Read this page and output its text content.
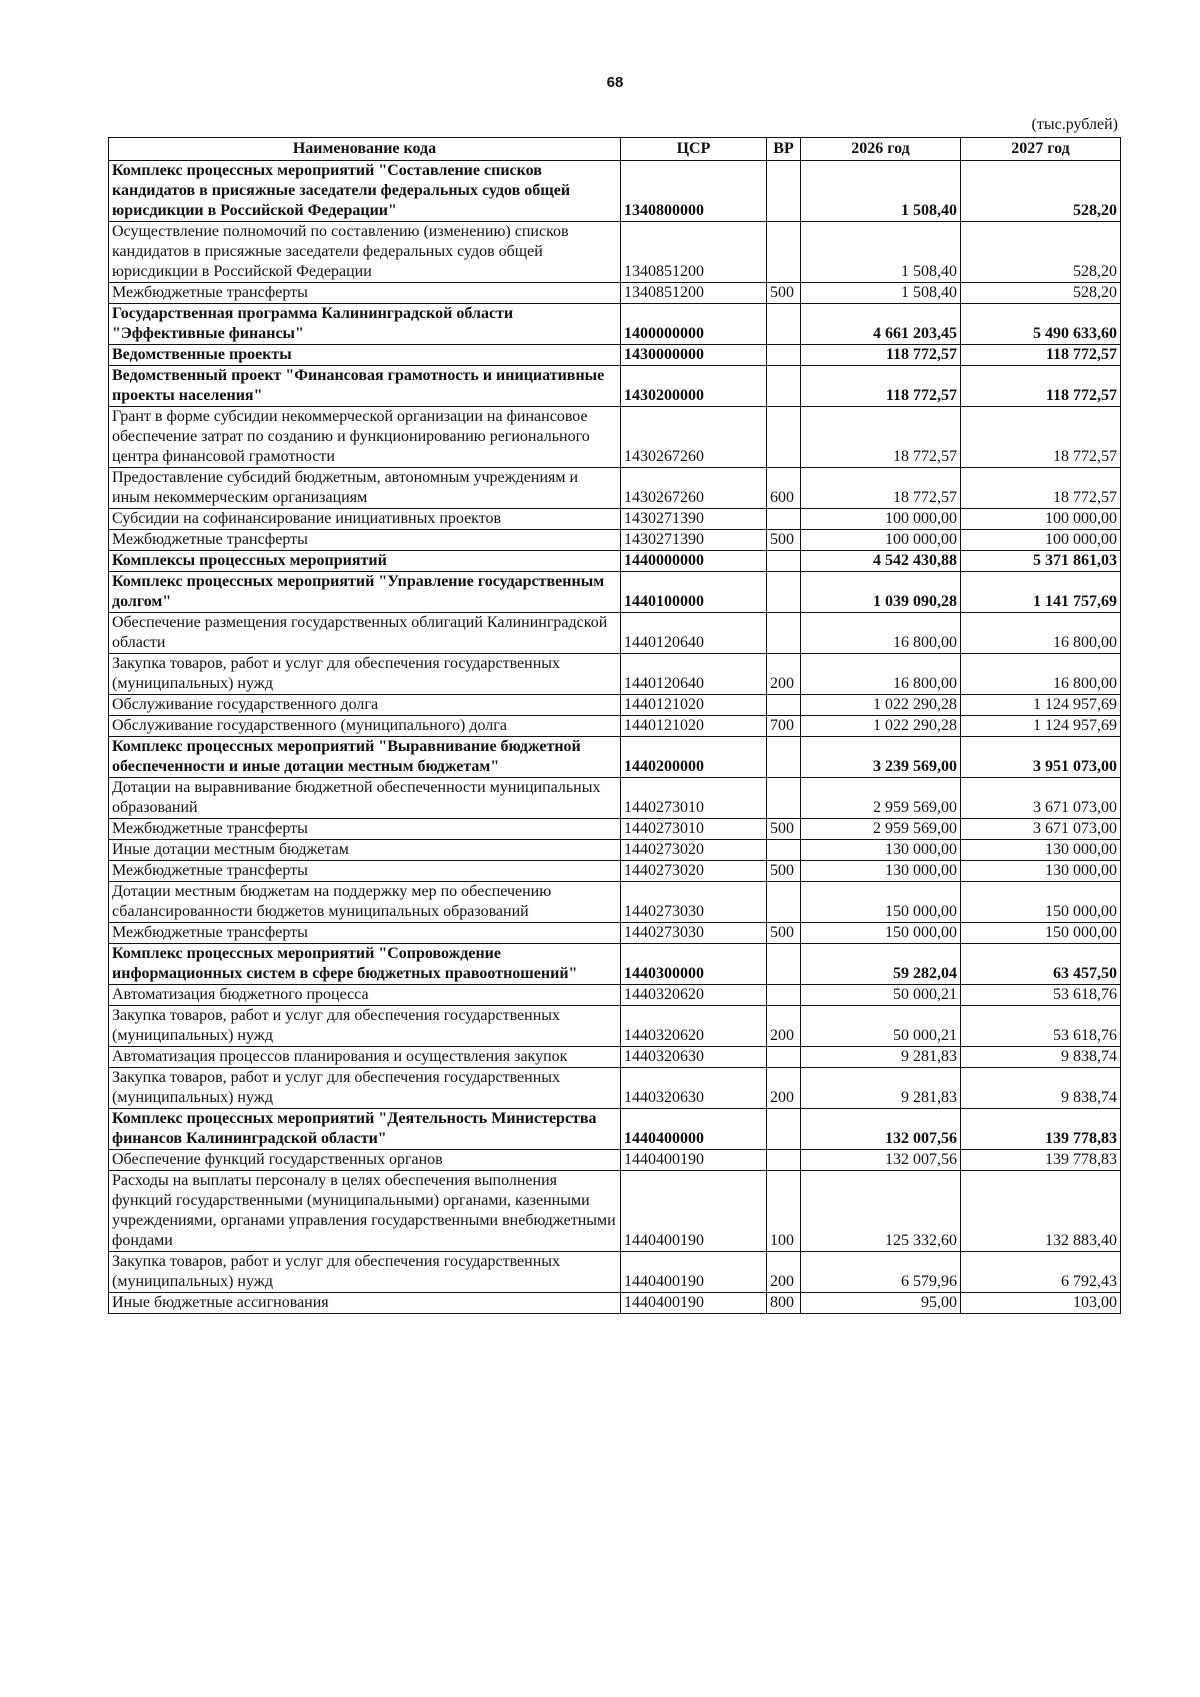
68
(тыс.рублей)
Наименование кода	ЦСР	ВР	2026 год	2027 год
Комплекс процессных мероприятий "Составление списков кандидатов в присяжные заседатели федеральных судов общей юрисдикции в Российской Федерации"	1340800000		1 508,40	528,20
Осуществление полномочий по составлению (изменению) списков кандидатов в присяжные заседатели федеральных судов общей юрисдикции в Российской Федерации	1340851200		1 508,40	528,20
Межбюджетные трансферты	1340851200	500	1 508,40	528,20
Государственная программа Калининградской области "Эффективные финансы"	1400000000		4 661 203,45	5 490 633,60
Ведомственные проекты	1430000000		118 772,57	118 772,57
Ведомственный проект "Финансовая грамотность и инициативные проекты населения"	1430200000		118 772,57	118 772,57
Грант в форме субсидии некоммерческой организации на финансовое обеспечение затрат по созданию и функционированию регионального центра финансовой грамотности	1430267260		18 772,57	18 772,57
Предоставление субсидий бюджетным, автономным учреждениям и иным некоммерческим организациям	1430267260	600	18 772,57	18 772,57
Субсидии на софинансирование инициативных проектов	1430271390		100 000,00	100 000,00
Межбюджетные трансферты	1430271390	500	100 000,00	100 000,00
Комплексы процессных мероприятий	1440000000		4 542 430,88	5 371 861,03
Комплекс процессных мероприятий "Управление государственным долгом"	1440100000		1 039 090,28	1 141 757,69
Обеспечение размещения государственных облигаций Калининградской области	1440120640		16 800,00	16 800,00
Закупка товаров, работ и услуг для обеспечения государственных (муниципальных) нужд	1440120640	200	16 800,00	16 800,00
Обслуживание государственного долга	1440121020		1 022 290,28	1 124 957,69
Обслуживание государственного (муниципального) долга	1440121020	700	1 022 290,28	1 124 957,69
Комплекс процессных мероприятий "Выравнивание бюджетной обеспеченности и иные дотации местным бюджетам"	1440200000		3 239 569,00	3 951 073,00
Дотации на выравнивание бюджетной обеспеченности муниципальных образований	1440273010		2 959 569,00	3 671 073,00
Межбюджетные трансферты	1440273010	500	2 959 569,00	3 671 073,00
Иные дотации местным бюджетам	1440273020		130 000,00	130 000,00
Межбюджетные трансферты	1440273020	500	130 000,00	130 000,00
Дотации местным бюджетам на поддержку мер по обеспечению сбалансированности бюджетов муниципальных образований	1440273030		150 000,00	150 000,00
Межбюджетные трансферты	1440273030	500	150 000,00	150 000,00
Комплекс процессных мероприятий "Сопровождение информационных систем в сфере бюджетных правоотношений"	1440300000		59 282,04	63 457,50
Автоматизация бюджетного процесса	1440320620		50 000,21	53 618,76
Закупка товаров, работ и услуг для обеспечения государственных (муниципальных) нужд	1440320620	200	50 000,21	53 618,76
Автоматизация процессов планирования и осуществления закупок	1440320630		9 281,83	9 838,74
Закупка товаров, работ и услуг для обеспечения государственных (муниципальных) нужд	1440320630	200	9 281,83	9 838,74
Комплекс процессных мероприятий "Деятельность Министерства финансов Калининградской области"	1440400000		132 007,56	139 778,83
Обеспечение функций государственных органов	1440400190		132 007,56	139 778,83
Расходы на выплаты персоналу в целях обеспечения выполнения функций государственными (муниципальными) органами, казенными учреждениями, органами управления государственными внебюджетными фондами	1440400190	100	125 332,60	132 883,40
Закупка товаров, работ и услуг для обеспечения государственных (муниципальных) нужд	1440400190	200	6 579,96	6 792,43
Иные бюджетные ассигнования	1440400190	800	95,00	103,00
